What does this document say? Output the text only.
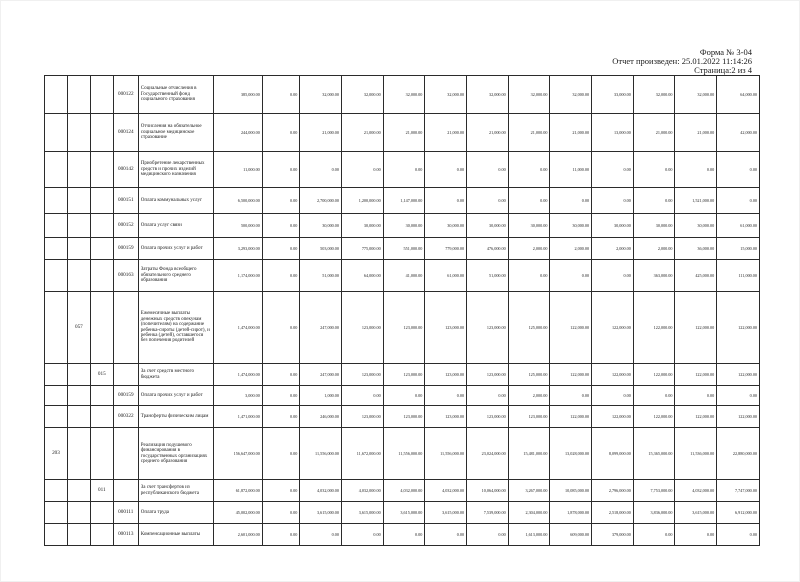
Форма № 3-04
Отчет произведен: 25.01.2022 11:14:26
Страница:2 из 4
			000122	Социальные отчисления в Государственный фонд социального страхования	385,000.00	0.00	32,000.00	32,000.00	32,000.00	32,000.00	32,000.00	32,000.00	32,000.00	33,000.00	32,000.00	32,000.00	64,000.00
			000124	Отчисления на обязательное социальное медицинское страхование	244,000.00	0.00	21,000.00	21,000.00	21,000.00	21,000.00	21,000.00	21,000.00	21,000.00	13,000.00	21,000.00	21,000.00	42,000.00
			000142	Приобретение лекарственных средств и прочих изделий медицинского назначения	11,000.00	0.00	0.00	0.00	0.00	0.00	0.00	0.00	11,000.00	0.00	0.00	0.00	0.00
			000151	Оплата коммунальных услуг	6,500,000.00	0.00	2,700,000.00	1,200,000.00	1,147,000.00	0.00	0.00	0.00	0.00	0.00	0.00	1,521,000.00	0.00
			000152	Оплата услуг связи	500,000.00	0.00	30,000.00	30,000.00	30,000.00	30,000.00	30,000.00	30,000.00	30,000.00	30,000.00	30,000.00	30,000.00	61,000.00
			000159	Оплата прочих услуг и работ	3,293,000.00	0.00	503,000.00	775,000.00	551,000.00	779,000.00	476,000.00	2,000.00	2,000.00	2,000.00	2,000.00	36,000.00	15,000.00
			000163	Затраты Фонда всеобщего обязательного среднего образования	1,174,000.00	0.00	51,000.00	64,000.00	41,000.00	61,000.00	51,000.00	0.00	0.00	0.00	363,000.00	425,000.00	111,000.00
	057			Ежемесячные выплаты денежных средств опекунам (попечителям) на содержание ребенка-сироты (детей-сирот), и ребенка (детей), оставшегося без попечения родителей	1,474,000.00	0.00	247,000.00	123,000.00	123,000.00	123,000.00	123,000.00	125,000.00	122,000.00	122,000.00	122,000.00	122,000.00	122,000.00
		015		За счет средств местного бюджета	1,474,000.00	0.00	247,000.00	123,000.00	123,000.00	123,000.00	123,000.00	125,000.00	122,000.00	122,000.00	122,000.00	122,000.00	122,000.00
			000159	Оплата прочих услуг и работ	3,000.00	0.00	1,000.00	0.00	0.00	0.00	0.00	2,000.00	0.00	0.00	0.00	0.00	0.00
			000322	Трансферты физическим лицам	1,471,000.00	0.00	246,000.00	123,000.00	123,000.00	123,000.00	123,000.00	123,000.00	122,000.00	122,000.00	122,000.00	122,000.00	122,000.00
203				Реализация подушевого финансирования в государственных организациях среднего образования	156,647,000.00	0.00	11,556,000.00	11,672,000.00	11,556,000.00	11,556,000.00	23,024,000.00	15,481,000.00	13,028,000.00	8,099,000.00	15,365,000.00	11,536,000.00	22,880,000.00
		011		За счет трансфертов из республиканского бюджета	61,872,000.00	0.00	4,032,000.00	4,032,000.00	4,032,000.00	4,032,000.00	10,064,000.00	3,267,000.00	10,085,000.00	2,796,000.00	7,753,000.00	4,032,000.00	7,747,000.00
			000111	Оплата труда	45,002,000.00	0.00	3,615,000.00	3,615,000.00	3,615,000.00	3,615,000.00	7,539,000.00	2,304,000.00	1,878,000.00	2,518,000.00	3,836,000.00	3,615,000.00	6,912,000.00
			000113	Компенсационные выплаты	2,601,000.00	0.00	0.00	0.00	0.00	0.00	0.00	1,613,000.00	609,000.00	379,000.00	0.00	0.00	0.00
